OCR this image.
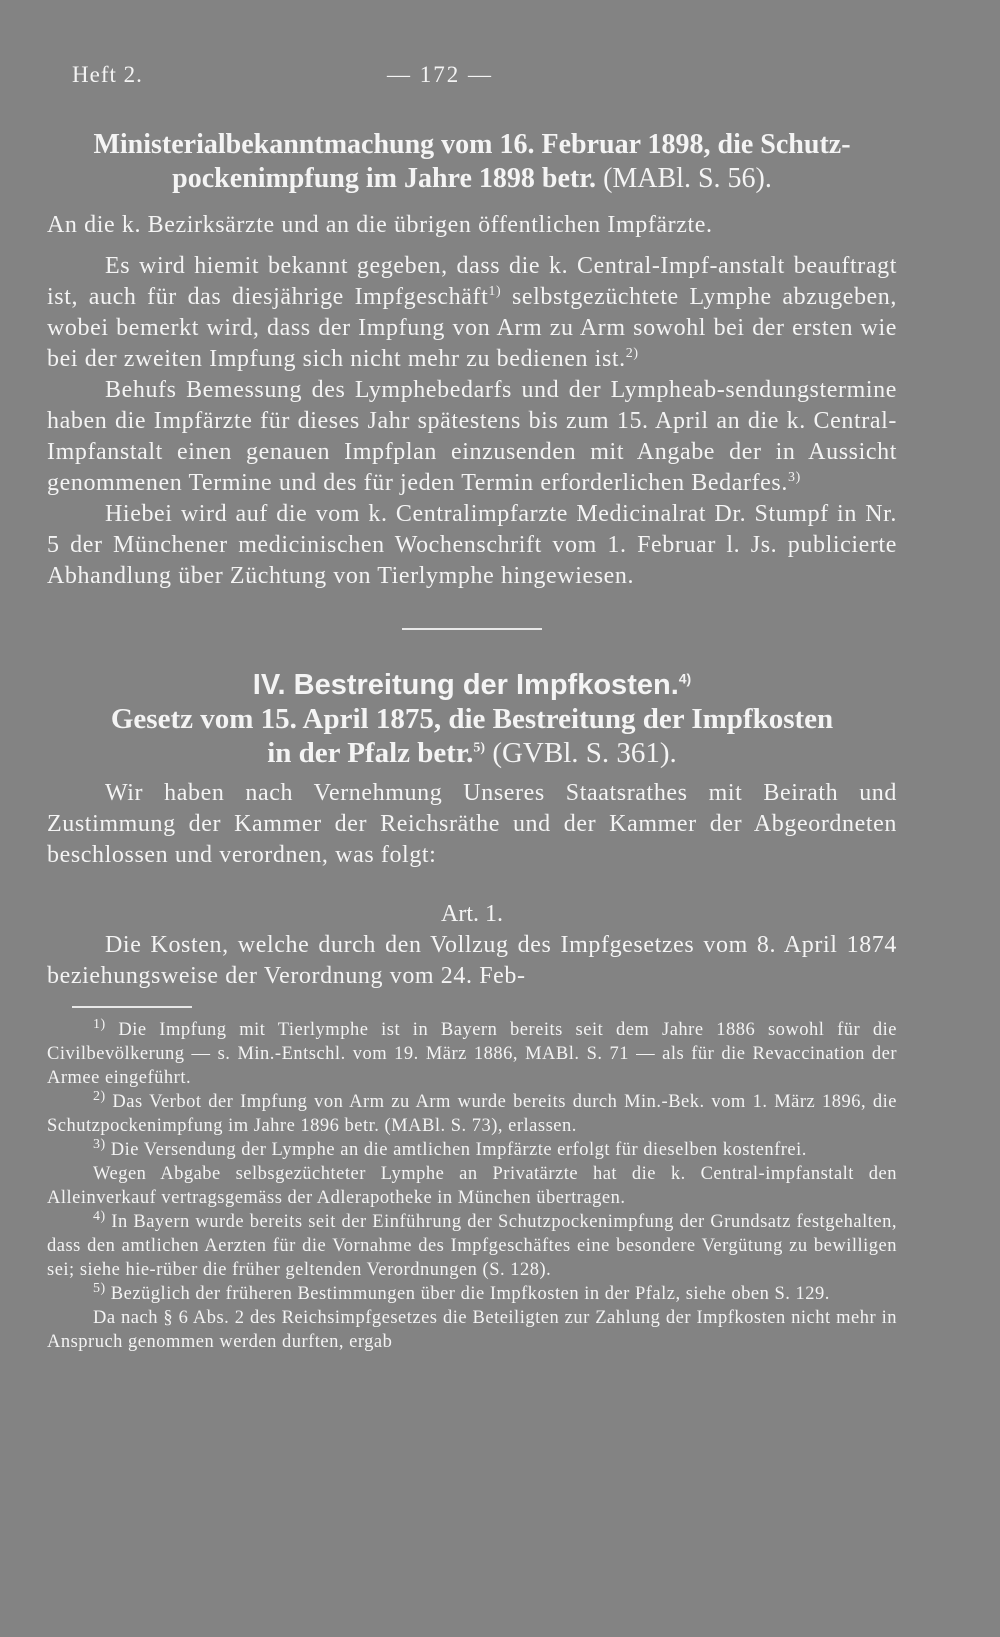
Heft 2.	— 172 —
Ministerialbekanntmachung vom 16. Februar 1898, die Schutz-
pockenimpfung im Jahre 1898 betr. (MABl. S. 56).

An die k. Bezirksärzte und an die übrigen öffentlichen Impfärzte.

Es wird hiemit bekannt gegeben, dass die k. Central-Impf-anstalt beauftragt ist, auch für das diesjährige Impfgeschäft$^{1)}$ selbstgezüchtete Lymphe abzugeben, wobei bemerkt wird, dass der Impfung von Arm zu Arm sowohl bei der ersten wie bei der zweiten Impfung sich nicht mehr zu bedienen ist.$^{2)}$

Behufs Bemessung des Lymphebedarfs und der Lympheab-sendungstermine haben die Impfärzte für dieses Jahr spätestens bis zum 15. April an die k. Central-Impfanstalt einen genauen Impfplan einzusenden mit Angabe der in Aussicht genommenen Termine und des für jeden Termin erforderlichen Bedarfes.$^{3)}$

Hiebei wird auf die vom k. Centralimpfarzte Medicinalrat Dr. Stumpf in Nr. 5 der Münchener medicinischen Wochenschrift vom 1. Februar l. Js. publicierte Abhandlung über Züchtung von Tierlymphe hingewiesen.

IV. Bestreitung der Impfkosten.$^{4)}$
Gesetz vom 15. April 1875, die Bestreitung der Impfkosten
in der Pfalz betr.$^{5)}$ (GVBl. S. 361).

Wir haben nach Vernehmung Unseres Staatsrathes mit Beirath und Zustimmung der Kammer der Reichsräthe und der Kammer der Abgeordneten beschlossen und verordnen, was folgt:

Art. 1.

Die Kosten, welche durch den Vollzug des Impfgesetzes vom 8. April 1874 beziehungsweise der Verordnung vom 24. Feb-

$^{1)}$ Die Impfung mit Tierlymphe ist in Bayern bereits seit dem Jahre 1886 sowohl für die Civilbevölkerung — s. Min.-Entschl. vom 19. März 1886, MABl. S. 71 — als für die Revaccination der Armee eingeführt.

$^{2)}$ Das Verbot der Impfung von Arm zu Arm wurde bereits durch Min.-Bek. vom 1. März 1896, die Schutzpockenimpfung im Jahre 1896 betr. (MABl. S. 73), erlassen.

$^{3)}$ Die Versendung der Lymphe an die amtlichen Impfärzte erfolgt für dieselben kostenfrei.

Wegen Abgabe selbsgezüchteter Lymphe an Privatärzte hat die k. Central-impfanstalt den Alleinverkauf vertragsgemäss der Adlerapotheke in München übertragen.

$^{4)}$ In Bayern wurde bereits seit der Einführung der Schutzpockenimpfung der Grundsatz festgehalten, dass den amtlichen Aerzten für die Vornahme des Impfgeschäftes eine besondere Vergütung zu bewilligen sei; siehe hie-rüber die früher geltenden Verordnungen (S. 128).

$^{5)}$ Bezüglich der früheren Bestimmungen über die Impfkosten in der Pfalz, siehe oben S. 129.

Da nach § 6 Abs. 2 des Reichsimpfgesetzes die Beteiligten zur Zahlung der Impfkosten nicht mehr in Anspruch genommen werden durften, ergab
